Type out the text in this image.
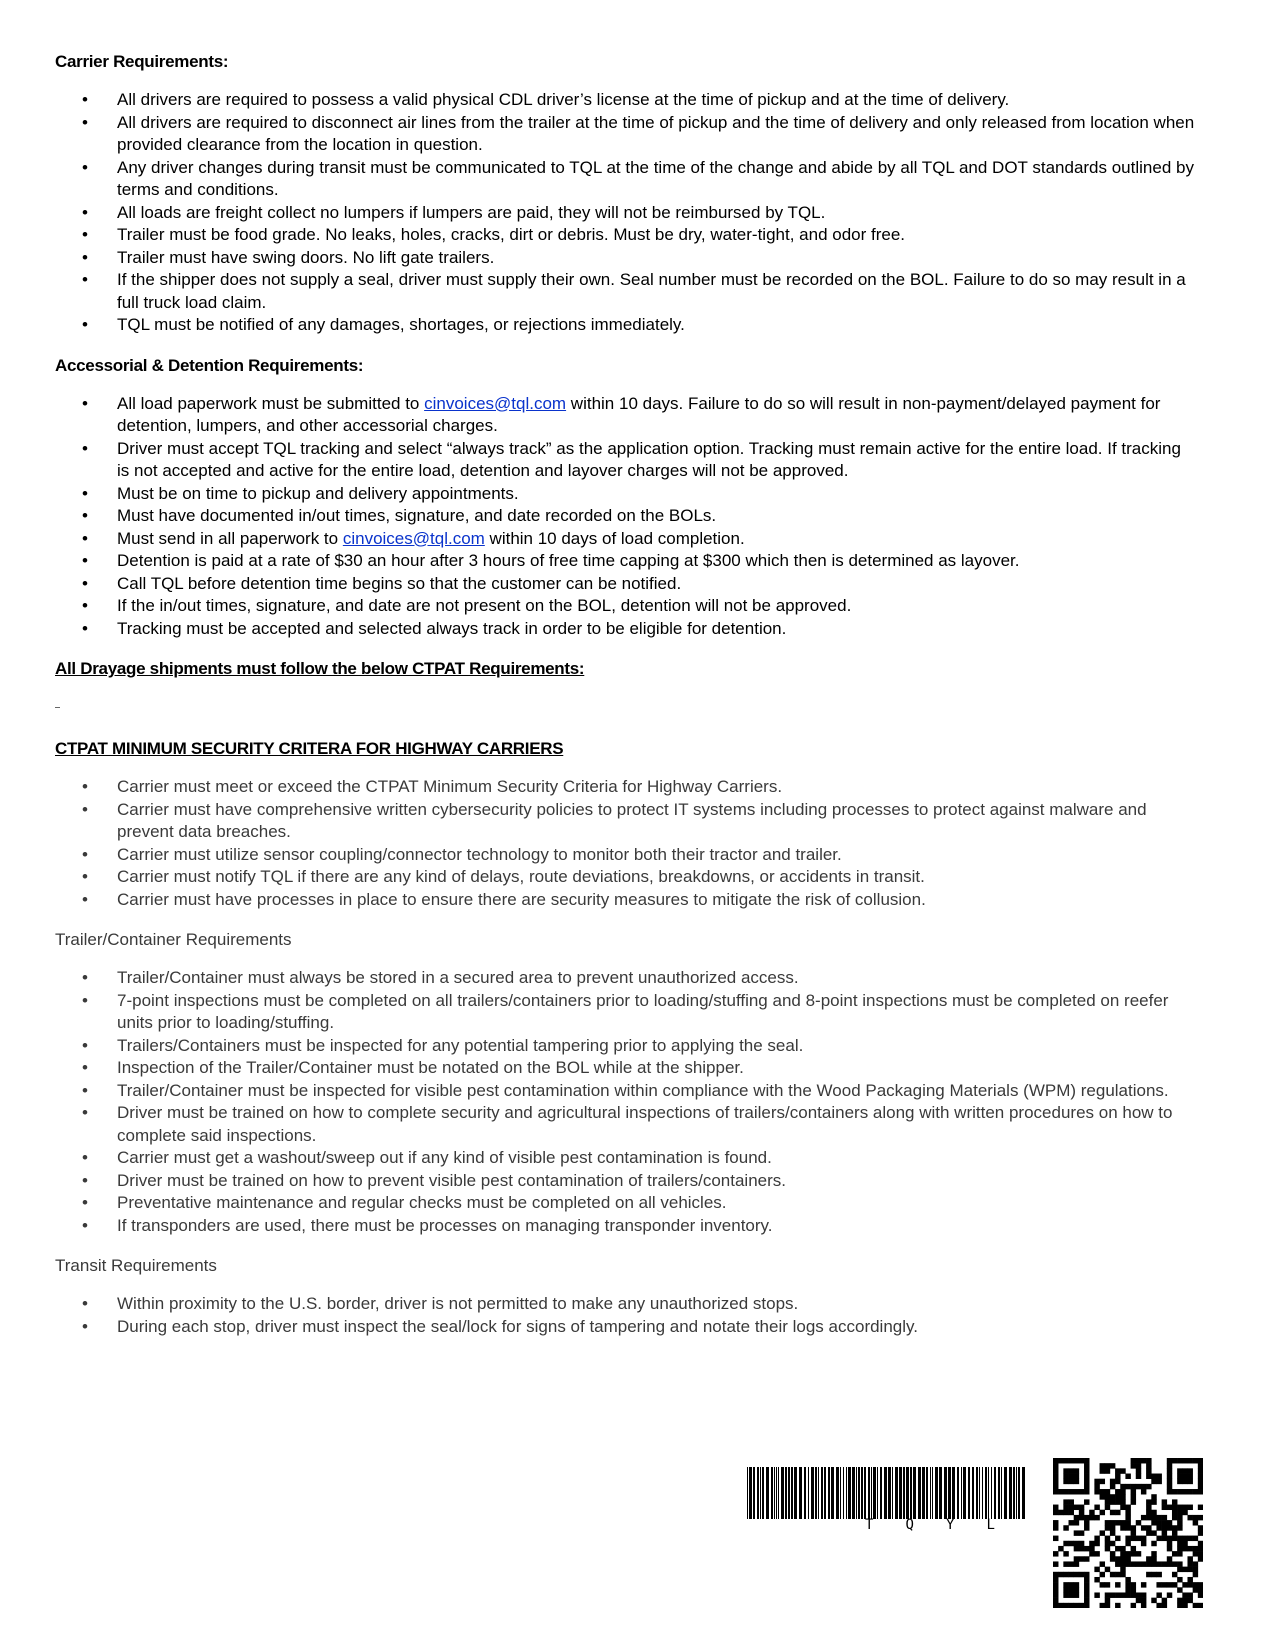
Carrier Requirements:
• All drivers are required to possess a valid physical CDL driver’s license at the time of pickup and at the time of delivery.
• All drivers are required to disconnect air lines from the trailer at the time of pickup and the time of delivery and only released from location when provided clearance from the location in question.
• Any driver changes during transit must be communicated to TQL at the time of the change and abide by all TQL and DOT standards outlined by terms and conditions.
• All loads are freight collect no lumpers if lumpers are paid, they will not be reimbursed by TQL.
• Trailer must be food grade. No leaks, holes, cracks, dirt or debris. Must be dry, water-tight, and odor free.
• Trailer must have swing doors. No lift gate trailers.
• If the shipper does not supply a seal, driver must supply their own. Seal number must be recorded on the BOL. Failure to do so may result in a full truck load claim.
• TQL must be notified of any damages, shortages, or rejections immediately.
Accessorial & Detention Requirements:
• All load paperwork must be submitted to cinvoices@tql.com within 10 days. Failure to do so will result in non-payment/delayed payment for detention, lumpers, and other accessorial charges.
• Driver must accept TQL tracking and select “always track” as the application option. Tracking must remain active for the entire load. If tracking is not accepted and active for the entire load, detention and layover charges will not be approved.
• Must be on time to pickup and delivery appointments.
• Must have documented in/out times, signature, and date recorded on the BOLs.
• Must send in all paperwork to cinvoices@tql.com within 10 days of load completion.
• Detention is paid at a rate of $30 an hour after 3 hours of free time capping at $300 which then is determined as layover.
• Call TQL before detention time begins so that the customer can be notified.
• If the in/out times, signature, and date are not present on the BOL, detention will not be approved.
• Tracking must be accepted and selected always track in order to be eligible for detention.
All Drayage shipments must follow the below CTPAT Requirements:
CTPAT MINIMUM SECURITY CRITERA FOR HIGHWAY CARRIERS
• Carrier must meet or exceed the CTPAT Minimum Security Criteria for Highway Carriers.
• Carrier must have comprehensive written cybersecurity policies to protect IT systems including processes to protect against malware and prevent data breaches.
• Carrier must utilize sensor coupling/connector technology to monitor both their tractor and trailer.
• Carrier must notify TQL if there are any kind of delays, route deviations, breakdowns, or accidents in transit.
• Carrier must have processes in place to ensure there are security measures to mitigate the risk of collusion.
Trailer/Container Requirements
• Trailer/Container must always be stored in a secured area to prevent unauthorized access.
• 7-point inspections must be completed on all trailers/containers prior to loading/stuffing and 8-point inspections must be completed on reefer units prior to loading/stuffing.
• Trailers/Containers must be inspected for any potential tampering prior to applying the seal.
• Inspection of the Trailer/Container must be notated on the BOL while at the shipper.
• Trailer/Container must be inspected for visible pest contamination within compliance with the Wood Packaging Materials (WPM) regulations.
• Driver must be trained on how to complete security and agricultural inspections of trailers/containers along with written procedures on how to complete said inspections.
• Carrier must get a washout/sweep out if any kind of visible pest contamination is found.
• Driver must be trained on how to prevent visible pest contamination of trailers/containers.
• Preventative maintenance and regular checks must be completed on all vehicles.
• If transponders are used, there must be processes on managing transponder inventory.
Transit Requirements
• Within proximity to the U.S. border, driver is not permitted to make any unauthorized stops.
• During each stop, driver must inspect the seal/lock for signs of tampering and notate their logs accordingly.
T Q Y L
